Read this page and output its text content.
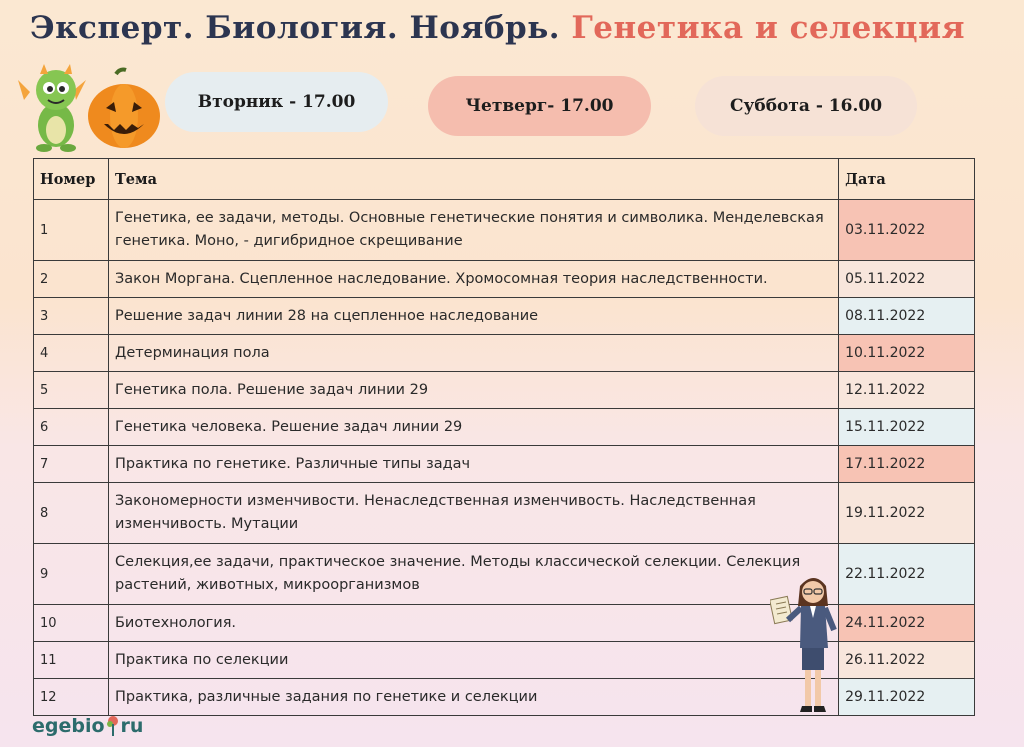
Эксперт. Биология. Ноябрь. Генетика и селекция
Вторник - 17.00	Четверг- 17.00	Суббота - 16.00
Номер	Тема	Дата
1	Генетика, ее задачи, методы. Основные генетические понятия и символика. Менделевская генетика. Моно, - дигибридное скрещивание	03.11.2022
2	Закон Моргана. Сцепленное наследование. Хромосомная теория наследственности.	05.11.2022
3	Решение задач линии 28 на сцепленное наследование	08.11.2022
4	Детерминация пола	10.11.2022
5	Генетика пола. Решение задач линии 29	12.11.2022
6	Генетика человека. Решение задач линии 29	15.11.2022
7	Практика по генетике. Различные типы задач	17.11.2022
8	Закономерности изменчивости. Ненаследственная изменчивость. Наследственная изменчивость. Мутации	19.11.2022
9	Селекция,ее задачи, практическое значение. Методы классической селекции. Селекция растений, животных, микроорганизмов	22.11.2022
10	Биотехнология.	24.11.2022
11	Практика по селекции	26.11.2022
12	Практика, различные задания по генетике и селекции	29.11.2022
egebio ru
